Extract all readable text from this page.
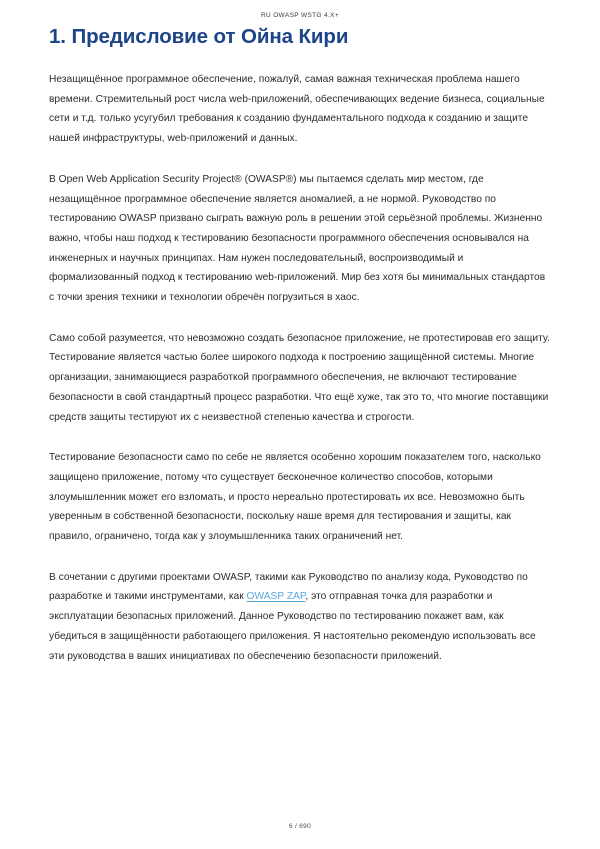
RU OWASP WSTG 4.X+
1. Предисловие от Ойна Кири

Незащищённое программное обеспечение, пожалуй, самая важная техническая проблема нашего времени. Стремительный рост числа web-приложений, обеспечивающих ведение бизнеса, социальные сети и т.д. только усугубил требования к созданию фундаментального подхода к созданию и защите нашей инфраструктуры, web-приложений и данных.

В Open Web Application Security Project® (OWASP®) мы пытаемся сделать мир местом, где незащищённое программное обеспечение является аномалией, а не нормой. Руководство по тестированию OWASP призвано сыграть важную роль в решении этой серьёзной проблемы. Жизненно важно, чтобы наш подход к тестированию безопасности программного обеспечения основывался на инженерных и научных принципах. Нам нужен последовательный, воспроизводимый и формализованный подход к тестированию web-приложений. Мир без хотя бы минимальных стандартов с точки зрения техники и технологии обречён погрузиться в хаос.

Само собой разумеется, что невозможно создать безопасное приложение, не протестировав его защиту. Тестирование является частью более широкого подхода к построению защищённой системы. Многие организации, занимающиеся разработкой программного обеспечения, не включают тестирование безопасности в свой стандартный процесс разработки. Что ещё хуже, так это то, что многие поставщики средств защиты тестируют их с неизвестной степенью качества и строгости.

Тестирование безопасности само по себе не является особенно хорошим показателем того, насколько защищено приложение, потому что существует бесконечное количество способов, которыми злоумышленник может его взломать, и просто нереально протестировать их все. Невозможно быть уверенным в собственной безопасности, поскольку наше время для тестирования и защиты, как правило, ограничено, тогда как у злоумышленника таких ограничений нет.

В сочетании с другими проектами OWASP, такими как Руководство по анализу кода, Руководство по разработке и такими инструментами, как OWASP ZAP, это отправная точка для разработки и эксплуатации безопасных приложений. Данное Руководство по тестированию покажет вам, как убедиться в защищённости работающего приложения. Я настоятельно рекомендую использовать все эти руководства в ваших инициативах по обеспечению безопасности приложений.

6 / 690
